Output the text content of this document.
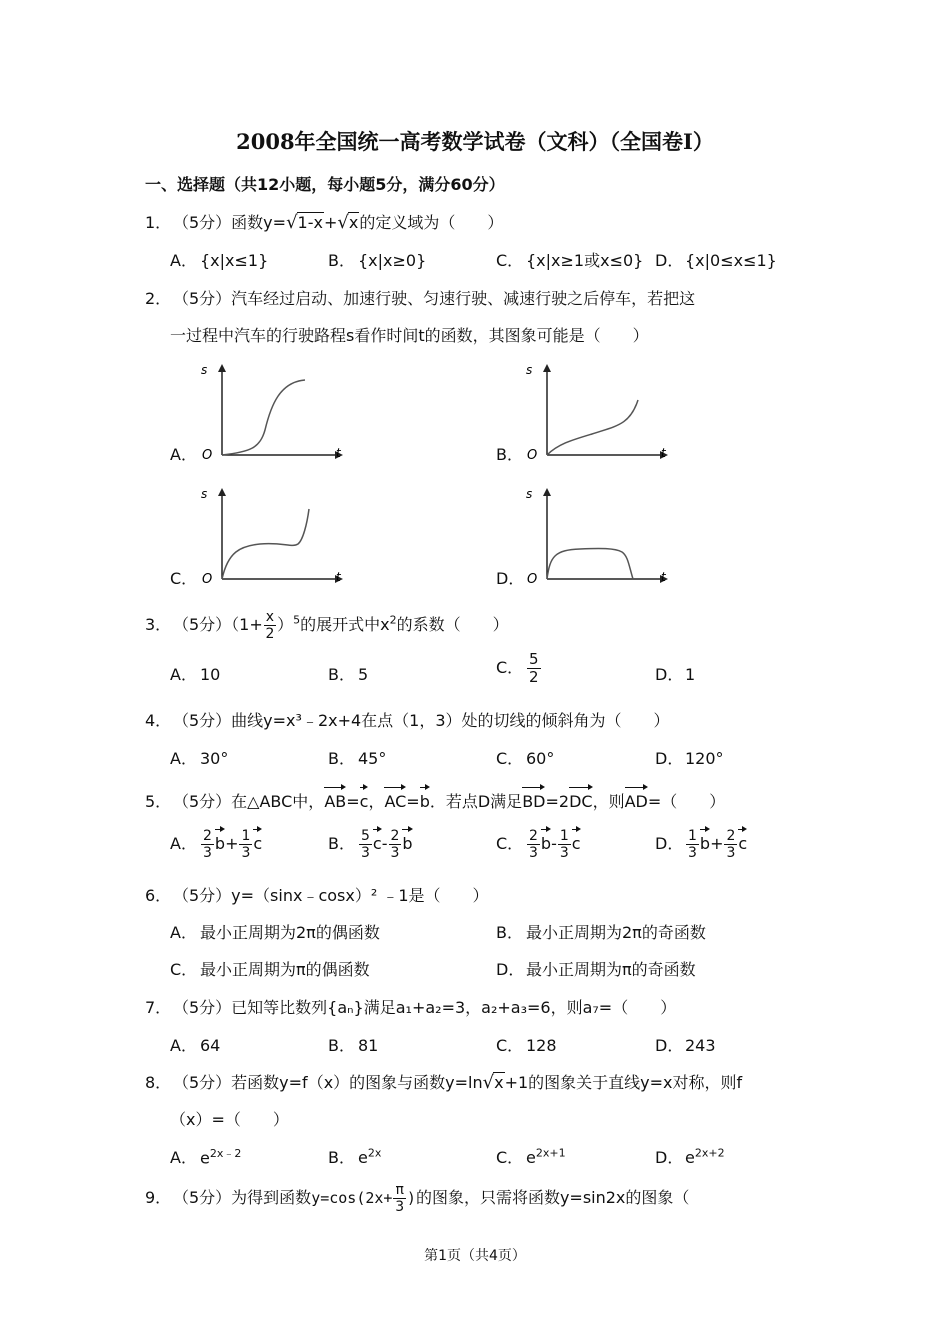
2008年全国统一高考数学试卷（文科）（全国卷Ⅰ）
一、选择题（共12小题，每小题5分，满分60分）
1． （5分）函数y=√1-x+√x的定义域为（　　）
A． {x|x≤1}	B． {x|x≥0}	C． {x|x≥1或x≤0} D． {x|0≤x≤1}
2． （5分）汽车经过启动、加速行驶、匀速行驶、减速行驶之后停车，若把这
一过程中汽车的行驶路程s看作时间t的函数，其图象可能是（　　）
A．	B．
C．	D．
s
t
O
s
t
O
s
t
O
s
t
O
3． （5分）$(1+ \frac{x}{2} )^5$的展开式中$x^2$的系数（　　）
A． 10	B． 5	C． $\frac{5}{2}$	D． 1
4． （5分）曲线y=x³﹣2x+4在点（1，3）处的切线的倾斜角为（　　）
A． 30°	B． 45°	C． 60°	D． 120°
5． （5分）在△ABC中，AB=c，AC=b．若点D满足BD=2DC，则AD=（　　）
A． $\frac{2}{3} b+ \frac{1}{3}$ c	B． $\frac{5}{3} c- \frac{2}{3}$ b	C． $\frac{2}{3} b- \frac{1}{3}$ c	D． $\frac{1}{3} b+ \frac{2}{3}$ c
6． （5分）y=（sinx﹣cosx）² ﹣1是（　　）
A． 最小正周期为2π的偶函数	B． 最小正周期为2π的奇函数
C． 最小正周期为π的偶函数	D． 最小正周期为π的奇函数
7． （5分）已知等比数列{aₙ}满足a₁+a₂=3，a₂+a₃=6，则a₇=（　　）
A． 64	B． 81	C． 128	D． 243
8． （5分）若函数y=f（x）的图象与函数y=ln√x+1的图象关于直线y=x对称，则f
（x）=（　　）
A． $e^{2x﹣2}$	B． $e^{2x}$	C． $e^{2x+1}$	D． $e^{2x+2}$
9． （5分）为得到函数$y=\cos(2x+ \frac{\pi}{3}$ )的图象，只需将函数y=sin2x的图象（
第1页（共4页）
